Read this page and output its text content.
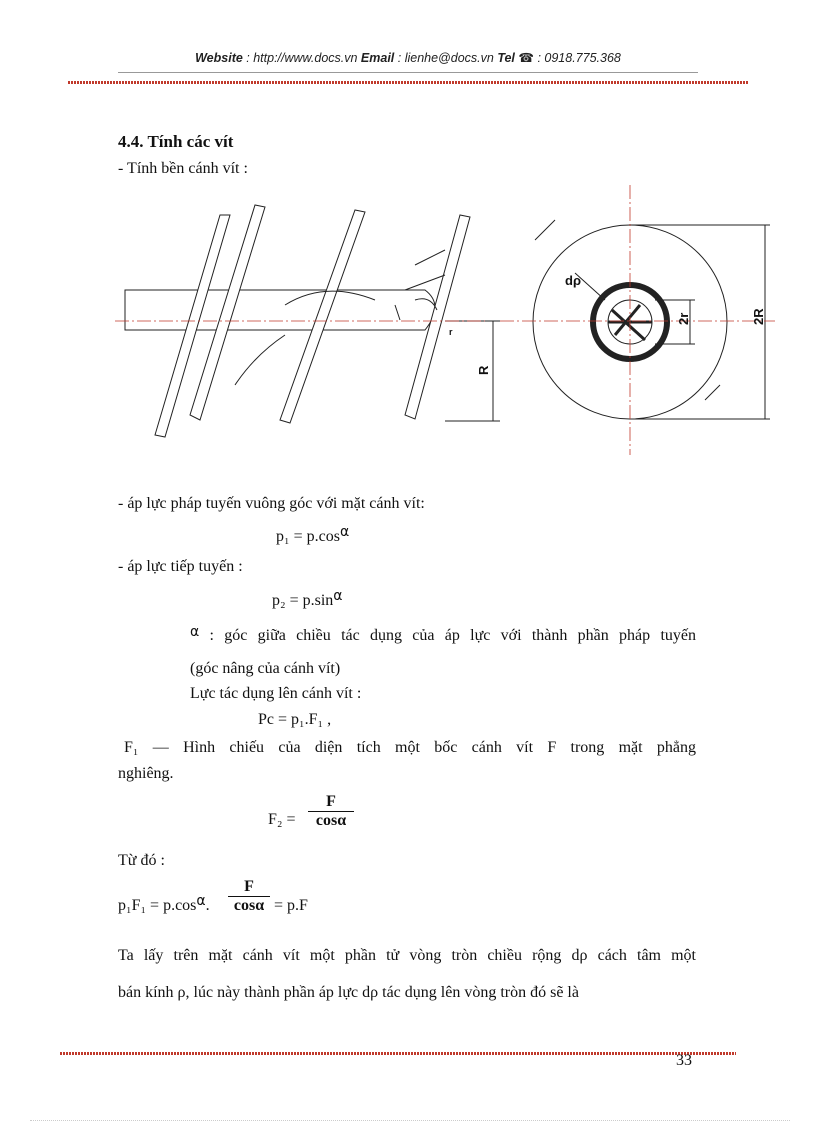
Website : http://www.docs.vn Email : lienhe@docs.vn Tel ☎ : 0918.775.368
4.4. Tính các vít
- Tính bền cánh vít :
R
2R
2r
dρ
r
- áp lực pháp tuyến vuông góc với mặt cánh vít:
p₁ = p.cosα
- áp lực tiếp tuyến :
p₂ = p.sinα
α : góc giữa chiều tác dụng của áp lực với thành phần pháp tuyến
(góc nâng của cánh vít)
Lực tác dụng lên cánh vít :
Pc = p₁.F₁ ,
F₁ — Hình chiếu của diện tích một bốc cánh vít F trong mặt phẳng
nghiêng.
$F_2 = \frac{F}{\cos\alpha}$
Từ đó :
p₁F₁ = p.cosα. $\frac{F}{\cos\alpha} = p.F$
Ta lấy trên mặt cánh vít một phần tử vòng tròn chiều rộng dρ cách tâm một
bán kính ρ, lúc này thành phần áp lực dρ tác dụng lên vòng tròn đó sẽ là
33
